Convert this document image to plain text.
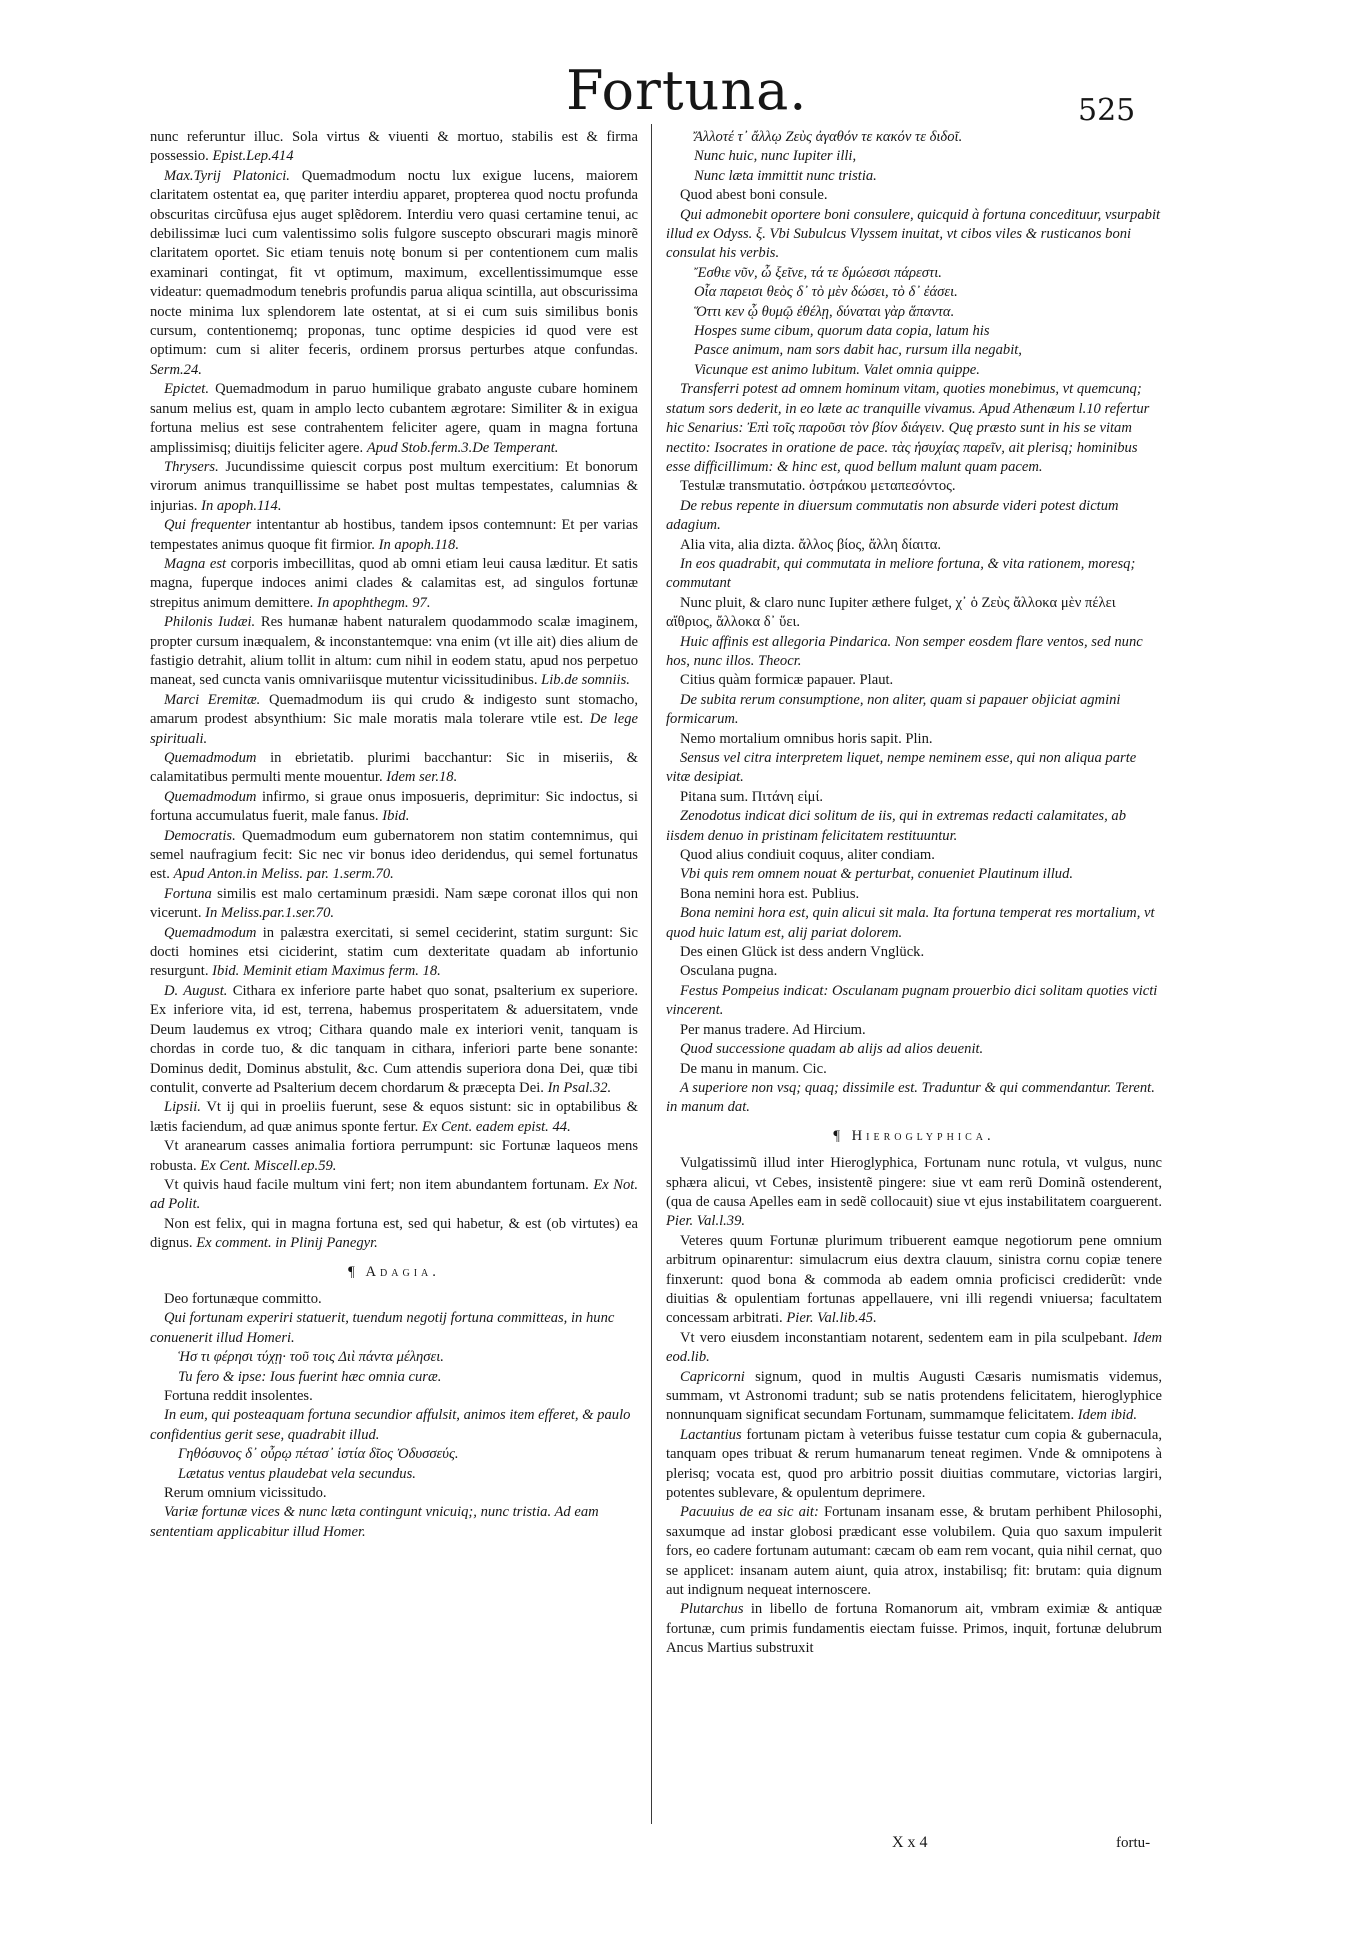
Fortuna.	525

nunc referuntur illuc. Sola virtus & viuenti & mortuo, stabilis est & firma possessio. Epist.Lep.414

Max.Tyrij Platonici. Quemadmodum noctu lux exigue lucens, maiorem claritatem ostentat ea, quę pariter interdiu apparet, propterea quod noctu profunda obscuritas circũfusa ejus auget splẽdorem. Interdiu vero quasi certamine tenui, ac debilissimæ luci cum valentissimo solis fulgore suscepto obscurari magis minorẽ claritatem oportet. Sic etiam tenuis notę bonum si per contentionem cum malis examinari contingat, fit vt optimum, maximum, excellentissimumque esse videatur: quemadmodum tenebris profundis parua aliqua scintilla, aut obscurissima nocte minima lux splendorem late ostentat, at si ei cum suis similibus bonis cursum, contentionemq; proponas, tunc optime despicies id quod vere est optimum: cum si aliter feceris, ordinem prorsus perturbes atque confundas. Serm.24.

Epictet. Quemadmodum in paruo humilique grabato anguste cubare hominem sanum melius est, quam in amplo lecto cubantem ægrotare: Similiter & in exigua fortuna melius est sese contrahentem feliciter agere, quam in magna fortuna amplissimisq; diuitijs feliciter agere. Apud Stob.ferm.3.De Temperant.

Thrysers. Jucundissime quiescit corpus post multum exercitium: Et bonorum virorum animus tranquillissime se habet post multas tempestates, calumnias & injurias. In apoph.114.

Qui frequenter intentantur ab hostibus, tandem ipsos contemnunt: Et per varias tempestates animus quoque fit firmior. In apoph.118.

Magna est corporis imbecillitas, quod ab omni etiam leui causa læditur. Et satis magna, fuperque indoces animi clades & calamitas est, ad singulos fortunæ strepitus animum demittere. In apophthegm. 97.

Philonis Iudæi. Res humanæ habent naturalem quodammodo scalæ imaginem, propter cursum inæqualem, & inconstantemque: vna enim (vt ille ait) dies alium de fastigio detrahit, alium tollit in altum: cum nihil in eodem statu, apud nos perpetuo maneat, sed cuncta vanis omnivariisque mutentur vicissitudinibus. Lib.de somniis.

Marci Eremitæ. Quemadmodum iis qui crudo & indigesto sunt stomacho, amarum prodest absynthium: Sic male moratis mala tolerare vtile est. De lege spirituali.

Quemadmodum in ebrietatib. plurimi bacchantur: Sic in miseriis, & calamitatibus permulti mente mouentur. Idem ser.18.

Quemadmodum infirmo, si graue onus imposueris, deprimitur: Sic indoctus, si fortuna accumulatus fuerit, male fanus. Ibid.

Democratis. Quemadmodum eum gubernatorem non statim contemnimus, qui semel naufragium fecit: Sic nec vir bonus ideo deridendus, qui semel fortunatus est. Apud Anton.in Meliss. par. 1.serm.70.

Fortuna similis est malo certaminum præsidi. Nam sæpe coronat illos qui non vicerunt. In Meliss.par.1.ser.70.

Quemadmodum in palæstra exercitati, si semel ceciderint, statim surgunt: Sic docti homines etsi ciciderint, statim cum dexteritate quadam ab infortunio resurgunt. Ibid. Meminit etiam Maximus ferm. 18.

D. August. Cithara ex inferiore parte habet quo sonat, psalterium ex superiore. Ex inferiore vita, id est, terrena, habemus prosperitatem & aduersitatem, vnde Deum laudemus ex vtroq; Cithara quando male ex interiori venit, tanquam is chordas in corde tuo, & dic tanquam in cithara, inferiori parte bene sonante: Dominus dedit, Dominus abstulit, &c. Cum attendis superiora dona Dei, quæ tibi contulit, converte ad Psalterium decem chordarum & præcepta Dei. In Psal.32.

Lipsii. Vt ij qui in proeliis fuerunt, sese & equos sistunt: sic in optabilibus & lætis faciendum, ad quæ animus sponte fertur. Ex Cent. eadem epist. 44.

Vt aranearum casses animalia fortiora perrumpunt: sic Fortunæ laqueos mens robusta. Ex Cent. Miscell.ep.59.

Vt quivis haud facile multum vini fert; non item abundantem fortunam. Ex Not. ad Polit.

Non est felix, qui in magna fortuna est, sed qui habetur, & est (ob virtutes) ea dignus. Ex comment. in Plinij Panegyr.

¶ Adagia.

Deo fortunæque committo.

Qui fortunam experiri statuerit, tuendum negotij fortuna committeas, in hunc conuenerit illud Homeri.

Ἡσ τι φέρησι τύχῃ· τοῦ τοις Διὶ πάντα μέλησει.

Tu fero & ipse: Ious fuerint hæc omnia curæ.

Fortuna reddit insolentes.

In eum, qui posteaquam fortuna secundior affulsit, animos item efferet, & paulo confidentius gerit sese, quadrabit illud.

Γηθόσυνος δ᾽ οὖρῳ πέτασ᾽ ἱστία δῖος Ὀδυσσεύς.

Lætatus ventus plaudebat vela secundus.

Rerum omnium vicissitudo.

Variæ fortunæ vices & nunc læta contingunt vnicuiq;, nunc tristia. Ad eam sententiam applicabitur illud Homer.

Ἄλλοτέ τ᾽ ἄλλῳ Ζεὺς ἀγαθόν τε κακόν τε διδοῖ.

Nunc huic, nunc Iupiter illi,

Nunc læta immittit nunc tristia.

Quod abest boni consule.

Qui admonebit oportere boni consulere, quicquid à fortuna concedituur, vsurpabit illud ex Odyss. ξ. Vbi Subulcus Vlyssem inuitat, vt cibos viles & rusticanos boni consulat his verbis.

Ἔσθιε νῦν, ὦ ξεῖνε, τά τε δμώεσσι πάρεστι.

Οἶα παρεισι θεὸς δ᾽ τὸ μὲν δώσει, τὸ δ᾽ ἐάσει.

Ὅττι κεν ᾧ θυμῷ ἐθέλῃ, δύναται γὰρ ἅπαντα.

Hospes sume cibum, quorum data copia, latum his

Pasce animum, nam sors dabit hac, rursum illa negabit,

Vicunque est animo lubitum. Valet omnia quippe.

Transferri potest ad omnem hominum vitam, quoties monebimus, vt quemcunq; statum sors dederit, in eo læte ac tranquille vivamus. Apud Athenæum l.10 refertur hic Senarius: Ἐπὶ τοῖς παροῦσι τὸν βίον διάγειν. Quę præsto sunt in his se vitam nectito: Isocrates in oratione de pace. τὰς ἡσυχίας παρεῖν, ait plerisq; hominibus esse difficillimum: & hinc est, quod bellum malunt quam pacem.

Testulæ transmutatio. ὀστράκου μεταπεσόντος.

De rebus repente in diuersum commutatis non absurde videri potest dictum adagium.

Alia vita, alia dizta. ἄλλος βίος, ἄλλη δίαιτα.

In eos quadrabit, qui commutata in meliore fortuna, & vita rationem, moresq; commutant

Nunc pluit, & claro nunc Iupiter æthere fulget, χ᾽ ὁ Ζεὺς ἄλλοκα μὲν πέλει αἴθριος, ἄλλοκα δ᾽ ὕει.

Huic affinis est allegoria Pindarica. Non semper eosdem flare ventos, sed nunc hos, nunc illos. Theocr.

Citius quàm formicæ papauer. Plaut.

De subita rerum consumptione, non aliter, quam si papauer objiciat agmini formicarum.

Nemo mortalium omnibus horis sapit. Plin.

Sensus vel citra interpretem liquet, nempe neminem esse, qui non aliqua parte vitæ desipiat.

Pitana sum. Πιτάνη εἰμί.

Zenodotus indicat dici solitum de iis, qui in extremas redacti calamitates, ab iisdem denuo in pristinam felicitatem restituuntur.

Quod alius condiuit coquus, aliter condiam.

Vbi quis rem omnem nouat & perturbat, conueniet Plautinum illud.

Bona nemini hora est. Publius.

Bona nemini hora est, quin alicui sit mala. Ita fortuna temperat res mortalium, vt quod huic latum est, alij pariat dolorem.

Des einen Glück ist dess andern Vnglück.

Osculana pugna.

Festus Pompeius indicat: Osculanam pugnam prouerbio dici solitam quoties victi vincerent.

Per manus tradere. Ad Hircium.

Quod successione quadam ab alijs ad alios deuenit.

De manu in manum. Cic.

A superiore non vsq; quaq; dissimile est. Traduntur & qui commendantur. Terent. in manum dat.

¶ Hieroglyphica.

Vulgatissimũ illud inter Hieroglyphica, Fortunam nunc rotula, vt vulgus, nunc sphæra alicui, vt Cebes, insistentẽ pingere: siue vt eam rerũ Dominã ostenderent, (qua de causa Apelles eam in sedẽ collocauit) siue vt ejus instabilitatem coarguerent. Pier. Val.l.39.

Veteres quum Fortunæ plurimum tribuerent eamque negotiorum pene omnium arbitrum opinarentur: simulacrum eius dextra clauum, sinistra cornu copiæ tenere finxerunt: quod bona & commoda ab eadem omnia proficisci crediderũt: vnde diuitias & opulentiam fortunas appellauere, vni illi regendi vniuersa; facultatem concessam arbitrati. Pier. Val.lib.45.

Vt vero eiusdem inconstantiam notarent, sedentem eam in pila sculpebant. Idem eod.lib.

Capricorni signum, quod in multis Augusti Cæsaris numismatis videmus, summam, vt Astronomi tradunt; sub se natis protendens felicitatem, hieroglyphice nonnunquam significat secundam Fortunam, summamque felicitatem. Idem ibid.

Lactantius fortunam pictam à veteribus fuisse testatur cum copia & gubernacula, tanquam opes tribuat & rerum humanarum teneat regimen. Vnde & omnipotens à plerisq; vocata est, quod pro arbitrio possit diuitias commutare, victorias largiri, potentes sublevare, & opulentum deprimere.

Pacuuius de ea sic ait: Fortunam insanam esse, & brutam perhibent Philosophi, saxumque ad instar globosi prædicant esse volubilem. Quia quo saxum impulerit fors, eo cadere fortunam autumant: cæcam ob eam rem vocant, quia nihil cernat, quo se applicet: insanam autem aiunt, quia atrox, instabilisq; fit: brutam: quia dignum aut indignum nequeat internoscere.

Plutarchus in libello de fortuna Romanorum ait, vmbram eximiæ & antiquæ fortunæ, cum primis fundamentis eiectam fuisse. Primos, inquit, fortunæ delubrum Ancus Martius substruxit

X x 4	fortu-
